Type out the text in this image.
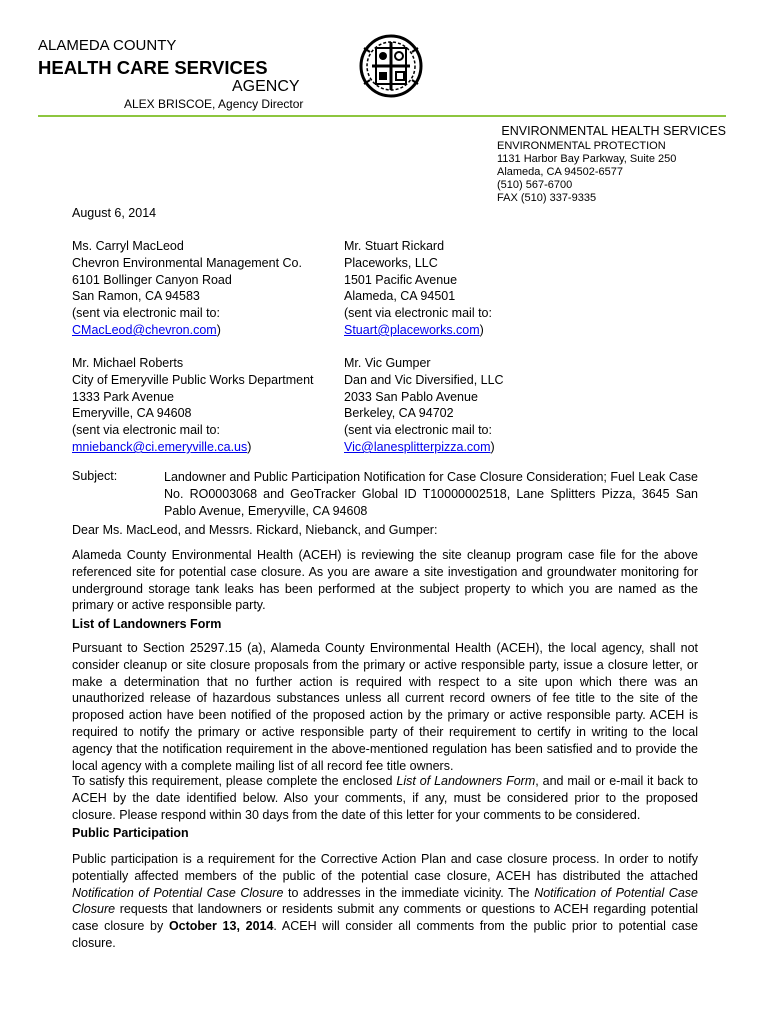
ALAMEDA COUNTY
HEALTH CARE SERVICES
AGENCY
ALEX BRISCOE, Agency Director
ENVIRONMENTAL HEALTH SERVICES
ENVIRONMENTAL PROTECTION
1131 Harbor Bay Parkway, Suite 250
Alameda, CA 94502-6577
(510) 567-6700
FAX (510) 337-9335
August 6, 2014
Ms. Carryl MacLeod
Chevron Environmental Management Co.
6101 Bollinger Canyon Road
San Ramon, CA 94583
(sent via electronic mail to:
CMacLeod@chevron.com)
Mr. Stuart Rickard
Placeworks, LLC
1501 Pacific Avenue
Alameda, CA 94501
(sent via electronic mail to:
Stuart@placeworks.com)
Mr. Michael Roberts
City of Emeryville Public Works Department
1333 Park Avenue
Emeryville, CA 94608
(sent via electronic mail to:
mniebanck@ci.emeryville.ca.us)
Mr. Vic Gumper
Dan and Vic Diversified, LLC
2033 San Pablo Avenue
Berkeley, CA 94702
(sent via electronic mail to:
Vic@lanesplitterpizza.com)
Subject:	Landowner and Public Participation Notification for Case Closure Consideration; Fuel Leak Case No. RO0003068 and GeoTracker Global ID T10000002518, Lane Splitters Pizza, 3645 San Pablo Avenue, Emeryville, CA 94608
Dear Ms. MacLeod, and Messrs. Rickard, Niebanck, and Gumper:
Alameda County Environmental Health (ACEH) is reviewing the site cleanup program case file for the above referenced site for potential case closure. As you are aware a site investigation and groundwater monitoring for underground storage tank leaks has been performed at the subject property to which you are named as the primary or active responsible party.
List of Landowners Form
Pursuant to Section 25297.15 (a), Alameda County Environmental Health (ACEH), the local agency, shall not consider cleanup or site closure proposals from the primary or active responsible party, issue a closure letter, or make a determination that no further action is required with respect to a site upon which there was an unauthorized release of hazardous substances unless all current record owners of fee title to the site of the proposed action have been notified of the proposed action by the primary or active responsible party. ACEH is required to notify the primary or active responsible party of their requirement to certify in writing to the local agency that the notification requirement in the above-mentioned regulation has been satisfied and to provide the local agency with a complete mailing list of all record fee title owners.
To satisfy this requirement, please complete the enclosed List of Landowners Form, and mail or e-mail it back to ACEH by the date identified below. Also your comments, if any, must be considered prior to the proposed closure. Please respond within 30 days from the date of this letter for your comments to be considered.
Public Participation
Public participation is a requirement for the Corrective Action Plan and case closure process. In order to notify potentially affected members of the public of the potential case closure, ACEH has distributed the attached Notification of Potential Case Closure to addresses in the immediate vicinity. The Notification of Potential Case Closure requests that landowners or residents submit any comments or questions to ACEH regarding potential case closure by October 13, 2014. ACEH will consider all comments from the public prior to potential case closure.
